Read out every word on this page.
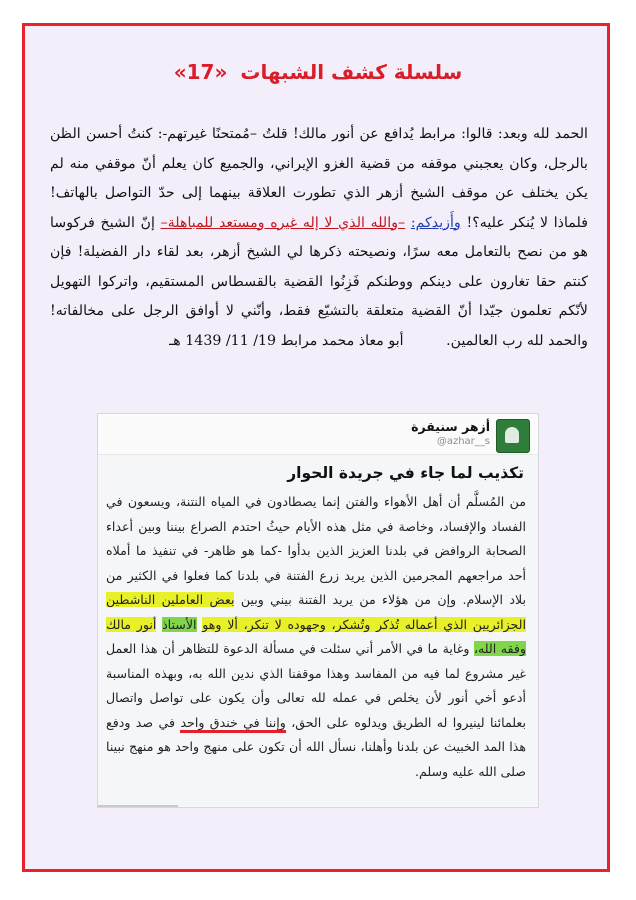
سلسلة كشف الشبهات «17»
الحمد لله وبعد: قالوا: مرابط يُدافع عن أنور مالك! قلتُ –مُمتحنًا غيرتهم-: كنتُ أحسن الظن بالرجل، وكان يعجبني موقفه من قضية الغزو الإيراني، والجميع كان يعلم أنّ موقفي منه لم يكن يختلف عن موقف الشيخ أزهر الذي تطورت العلاقة بينهما إلى حدّ التواصل بالهاتف! فلماذا لا يُنكر عليه؟! وأَزيدكم: –والله الذي لا إله غيره ومستعد للمباهلة– إنّ الشيخ فركوسا هو من نصح بالتعامل معه سرًا، ونصيحته ذكرها لي الشيخ أزهر، بعد لقاء دار الفضيلة! فإن كنتم حقا تغارون على دينكم ووطنكم فَزِنُوا القضية بالقسطاس المستقيم، واتركوا التهويل لأنّكم تعلمون جيّدا أنّ القضية متعلقة بالتشيّع فقط، وأنّني لا أوافق الرجل على مخالفاته! والحمد لله رب العالمين. أبو معاذ محمد مرابط 19/ 11/ 1439 هـ
أزهر سنيقرة
@azhar__s
تكذيب لما جاء في جريدة الحوار
من المُسلَّم أن أهل الأهواء والفتن إنما يصطادون في المياه النتنة، ويسعون في الفساد والإفساد، وخاصة في مثل هذه الأيام حيثُ احتدم الصراع بيننا وبين أعداء الصحابة الروافض في بلدنا العزيز الذين بدأوا -كما هو ظاهر- في تنفيذ ما أملاه أحد مراجعهم المجرمين الذين يريد زرع الفتنة في بلدنا كما فعلوا في الكثير من بلاد الإسلام. وإن من هؤلاء من يريد الفتنة بيني وبين بعض العاملين الناشطين الجزائريين الذي أعماله تُذكر وتُشكر، وجهوده لا تنكر، ألا وهو الأستاذ أنور مالك وفقه الله، وغاية ما في الأمر أني سئلت في مسألة الدعوة للتظاهر أن هذا العمل غير مشروع لما فيه من المفاسد وهذا موقفنا الذي ندين الله به، وبهذه المناسبة أدعو أخي أنور لأن يخلص في عمله لله تعالى وأن يكون على تواصل واتصال بعلمائنا لينيروا له الطريق ويدلوه على الحق، وإننا في خندق واحد في صد ودفع هذا المد الخبيث عن بلدنا وأهلنا، نسأل الله أن تكون على منهج واحد هو منهج نبينا صلى الله عليه وسلم.
